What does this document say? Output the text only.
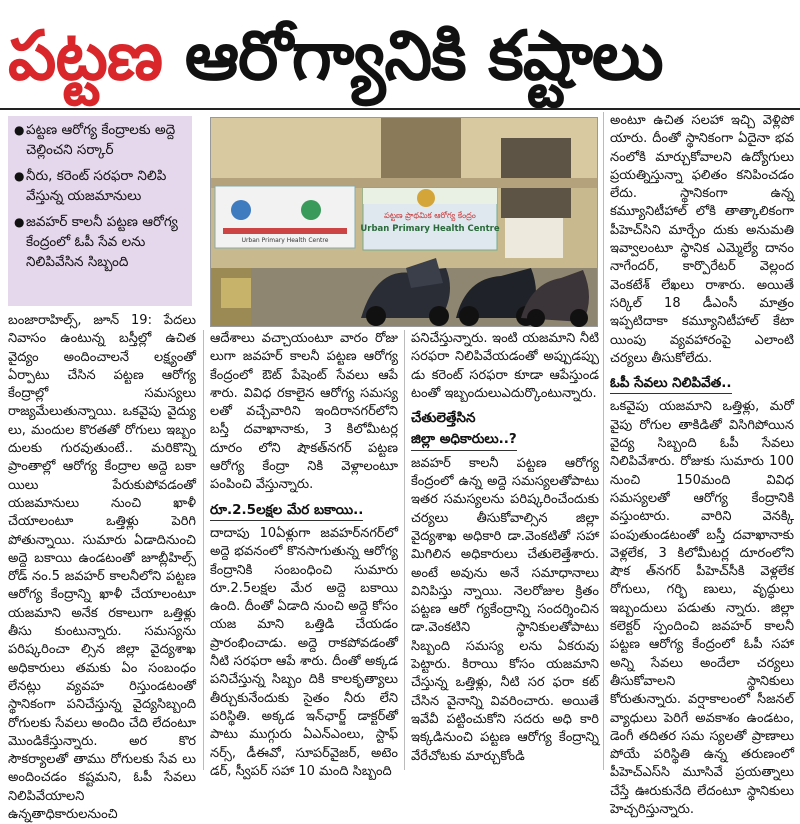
పట్టణ ఆరోగ్యానికి కష్టాలు
● పట్టణ ఆరోగ్య కేంద్రాలకు అద్దె చెల్లించని సర్కార్
● నీరు, కరెంట్ సరఫరా నిలిపి వేస్తున్న యజమానులు
● జవహర్ కాలనీ పట్టణ ఆరోగ్య కేంద్రంలో ఓపీ సేవ లను నిలిపివేసిన సిబ్బంది
పట్టణ ప్రాథమిక ఆరోగ్య కేంద్రం
Urban Primary Health Centre
Urban Primary Health Centre

బంజారాహిల్స్, జూన్ 19: పేదలు నివాసం ఉంటున్న బస్తీల్లో ఉచిత వైద్యం అందించాలనే లక్ష్యంతో ఏర్పాటు చేసిన పట్టణ ఆరోగ్య కేంద్రాల్లో సమస్యలు రాజ్యమేలుతున్నాయి. ఒకవైపు వైద్యు లు, మందుల కొరతతో రోగులు ఇబ్బం దులకు గురవుతుంటే.. మరికొన్ని ప్రాంతాల్లో ఆరోగ్య కేంద్రాల అద్దె బకా యిలు పేరుకుపోవడంతో యజమానులు నుంచి ఖాళీ చేయాలంటూ ఒత్తిళ్లు పెరిగి పోతున్నాయి. సుమారు ఏడాదినుంచి అద్దె బకాయి ఉండటంతో జూబ్లీహిల్స్ రోడ్ నం.5 జవహర్ కాలనీలోని పట్టణ ఆరోగ్య కేంద్రాన్ని ఖాళీ చేయాలంటూ యజమాని అనేక రకాలుగా ఒత్తిళ్లు తీసు కుంటున్నారు. సమస్యను పరిష్కరించా ల్సిన జిల్లా వైద్యశాఖ అధికారులు తమకు ఏం సంబంధం లేనట్లు వ్యవహ రిస్తుండటంతో స్థానికంగా పనిచేస్తున్న వైద్యసిబ్బంది రోగులకు సేవలు అందిం చేది లేదంటూ మొండికేస్తున్నారు. అర కొర సౌకర్యాలతో తాము రోగులకు సేవ లు అందించడం కష్టమని, ఓపీ సేవలు నిలిపివేయాలని ఉన్నతాధికారులనుంచి

ఆదేశాలు వచ్చాయంటూ వారం రోజు లుగా జవహర్ కాలనీ పట్టణ ఆరోగ్య కేంద్రంలో ఔట్ పేషెంట్ సేవలు ఆపే శారు. వివిధ రకాలైన ఆరోగ్య సమస్య లతో వచ్చేవారిని ఇందిరానగర్‌లోని బస్తీ దవాఖానాకు, 3 కిలోమీటర్ల దూరం లోని షౌకత్‌నగర్ పట్టణ ఆరోగ్య కేంద్రా నికి వెళ్లాలంటూ పంపించి వేస్తున్నారు.

రూ.2.5లక్షల మేర బకాయి..

దాదాపు 10ఏళ్లుగా జవహర్‌నగర్‌లో అద్దె భవనంలో కొనసాగుతున్న ఆరోగ్య కేంద్రానికి సంబంధించి సుమారు రూ.2.5లక్షల మేర అద్దె బకాయి ఉంది. దీంతో ఏడాది నుంచి అద్దె కోసం యజ మాని ఒత్తిడి చేయడం ప్రారంభించాడు. అద్దె రాకపోవడంతో నీటి సరఫరా ఆపే శారు. దీంతో అక్కడ పనిచేస్తున్న సిబ్బం దికి కాలకృత్యాలు తీర్చుకునేందుకు సైతం నీరు లేని పరిస్థితి. అక్కడ ఇన్‌ఛార్జ్ డాక్టర్‌తో పాటు ముగ్గురు ఏఎన్ఎంలు, స్టాఫ్ నర్స్, డీఈవో, సూపర్‌వైజర్, అటెం డర్, స్వీపర్ సహా 10 మంది సిబ్బంది

పనిచేస్తున్నారు. ఇంటి యజమాని నీటి సరఫరా నిలిపివేయడంతో అప్పుడప్పు డు కరెంట్ సరఫరా కూడా ఆపేస్తుండ టంతో ఇబ్బందులుఎదుర్కొంటున్నారు.

చేతులెత్తేసిన
జిల్లా అధికారులు..?

జవహర్ కాలనీ పట్టణ ఆరోగ్య కేంద్రంలో ఉన్న అద్దె సమస్యలతోపాటు ఇతర సమస్యలను పరిష్కరించేందుకు చర్యలు తీసుకోవాల్సిన జిల్లా వైద్యశాఖ అధికారి డా.వెంకటితో సహా మిగిలిన అధికారులు చేతులెత్తేశారు. అంటే అవును అనే సమాధానాలు వినిపిస్తు న్నాయి. నెలరోజుల క్రితం పట్టణ ఆరో గ్యకేంద్రాన్ని సందర్శించిన డా.వెంకటిని స్థానికులతోపాటు సిబ్బంది సమస్య లను ఏకరువు పెట్టారు. కిరాయి కోసం యజమాని చేస్తున్న ఒత్తిళ్లు, నీటి సర ఫరా కట్ చేసిన వైనాన్ని వివరించారు. అయితే ఇవేవీ పట్టించుకోని సదరు అధి కారి ఇక్కడినుంచి పట్టణ ఆరోగ్య కేంద్రాన్ని వేరేచోటకు మార్చుకోండి

అంటూ ఉచిత సలహా ఇచ్చి వెళ్లిపో యారు. దీంతో స్థానికంగా ఏదైనా భవ నంలోకి మార్చుకోవాలని ఉద్యోగులు ప్రయత్నిస్తున్నా ఫలితం కనిపించడం లేదు. స్థానికంగా ఉన్న కమ్యూనిటీహాల్ లోకి తాత్కాలికంగా పీహెచ్‌సిని మార్చేం దుకు అనుమతి ఇవ్వాలంటూ స్థానిక ఎమ్మెల్యే దానం నాగేందర్, కార్పొరేటర్ వెల్లంద వెంకటేశ్ లేఖలు రాశారు. అయితే సర్కిల్ 18 డీఎంసీ మాత్రం ఇప్పటిదాకా కమ్యూనిటీహాల్ కేటా యింపు వ్యవహారంపై ఎలాంటి చర్యలు తీసుకోలేదు.

ఓపీ సేవలు నిలిపివేత..

ఒకవైపు యజమాని ఒత్తిళ్లు, మరో వైపు రోగుల తాకిడితో విసిగిపోయిన వైద్య సిబ్బంది ఓపీ సేవలు నిలిపివేశారు. రోజుకు సుమారు 100 నుంచి 150మంది వివిధ సమస్యలతో ఆరోగ్య కేంద్రానికి వస్తుంటారు. వారిని వెనక్కి పంపుతుండటంతో బస్తీ దవాఖానాకు వెళ్లలేక, 3 కిలోమీటర్ల దూరంలోని షౌక త్‌నగర్ పీహెచ్‌సీకి వెళ్లలేక రోగులు, గర్భి ణులు, వృద్ధులు ఇబ్బందులు పడుతు న్నారు. జిల్లా కలెక్టర్ స్పందించి జవహర్ కాలనీ పట్టణ ఆరోగ్య కేంద్రంలో ఓపీ సహా అన్ని సేవలు అందేలా చర్యలు తీసుకోవాలని స్థానికులు కోరుతున్నారు. వర్షాకాలంలో సీజనల్ వ్యాధులు పెరిగే అవకాశం ఉండటం, డెంగీ తదితర సమ స్యలతో ప్రాణాలు పోయే పరిస్థితి ఉన్న తరుణంలో పీహెచ్‌ఎస్‌సి మూసివే ప్రయత్నాలు చేస్తే ఊరుకునేది లేదంటూ స్థానికులు హెచ్చరిస్తున్నారు.
